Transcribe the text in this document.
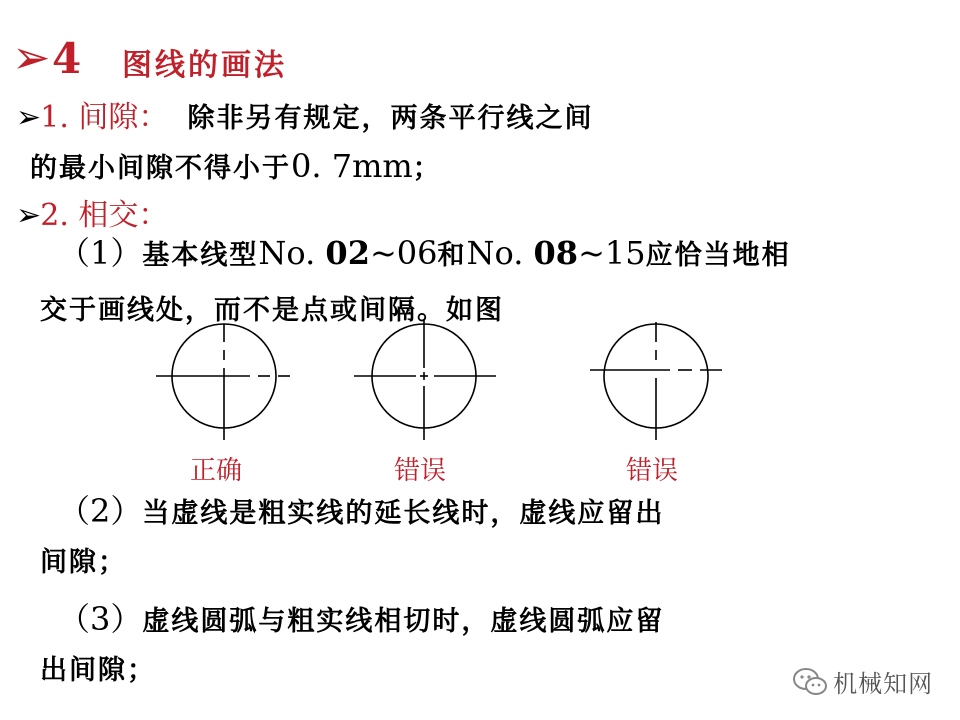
➢ 4 图线的画法
➢ 1. 间隙： 除非另有规定，两条平行线之间
的最小间隙不得小于0. 7mm；
➢ 2. 相交：
（1）基本线型No. 02~06和No. 08~15应恰当地相
交于画线处，而不是点或间隔。如图
正确	错误	错误
（2）当虚线是粗实线的延长线时，虚线应留出
间隙；
（3）虚线圆弧与粗实线相切时，虚线圆弧应留
出间隙；	机械知网
